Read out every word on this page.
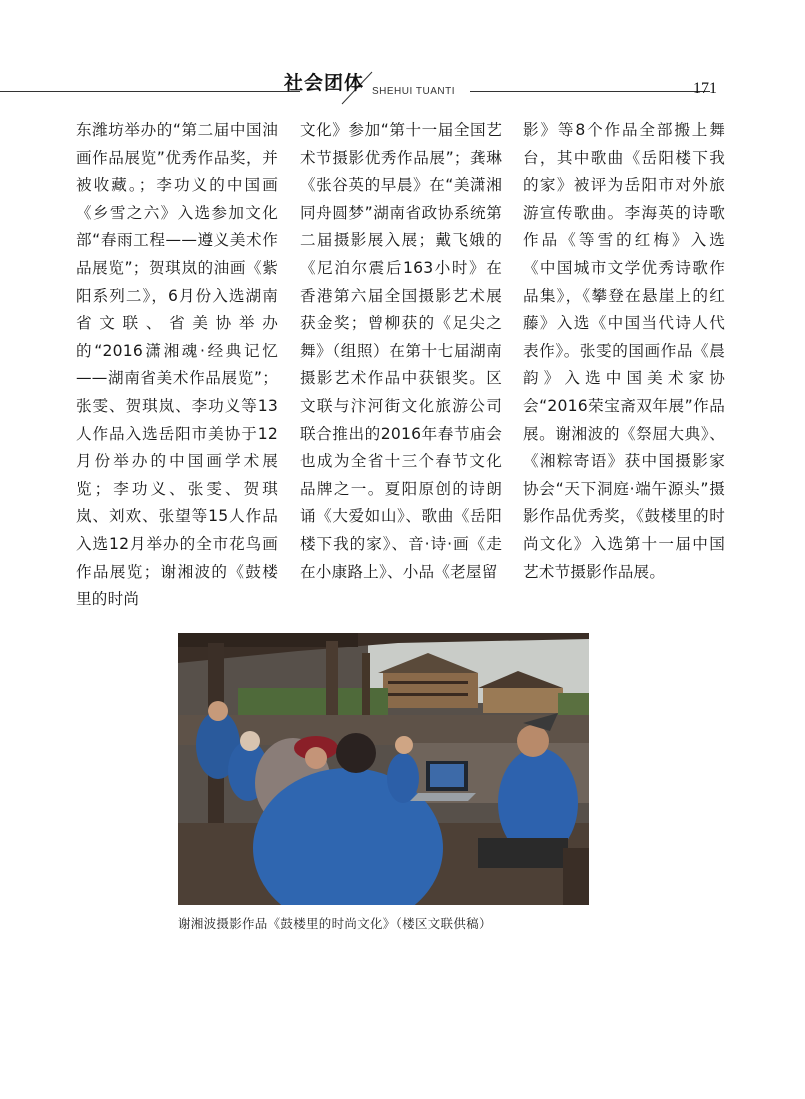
社会团体 SHEHUI TUANTI	171

东潍坊举办的“第二届中国油画作品展览”优秀作品奖，并被收藏。；李功义的中国画《乡雪之六》入选参加文化部“春雨工程——遵义美术作品展览”；贺琪岚的油画《紫阳系列二》，6月份入选湖南省文联、省美协举办的“2016潇湘魂·经典记忆——湖南省美术作品展览”；张雯、贺琪岚、李功义等13人作品入选岳阳市美协于12月份举办的中国画学术展览；李功义、张雯、贺琪岚、刘欢、张望等15人作品入选12月举办的全市花鸟画作品展览；谢湘波的《鼓楼里的时尚

文化》参加“第十一届全国艺术节摄影优秀作品展”；龚琳《张谷英的早晨》在“美潇湘同舟圆梦”湖南省政协系统第二届摄影展入展；戴飞娥的《尼泊尔震后163小时》在香港第六届全国摄影艺术展获金奖；曾柳获的《足尖之舞》（组照）在第十七届湖南摄影艺术作品中获银奖。区文联与汴河街文化旅游公司联合推出的2016年春节庙会也成为全省十三个春节文化品牌之一。夏阳原创的诗朗诵《大爱如山》、歌曲《岳阳楼下我的家》、音·诗·画《走在小康路上》、小品《老屋留

影》等8个作品全部搬上舞台，其中歌曲《岳阳楼下我的家》被评为岳阳市对外旅游宣传歌曲。李海英的诗歌作品《等雪的红梅》入选《中国城市文学优秀诗歌作品集》，《攀登在悬崖上的红藤》入选《中国当代诗人代表作》。张雯的国画作品《晨韵》入选中国美术家协会“2016荣宝斋双年展”作品展。谢湘波的《祭屈大典》、《湘粽寄语》获中国摄影家协会“天下洞庭·端午源头”摄影作品优秀奖，《鼓楼里的时尚文化》入选第十一届中国艺术节摄影作品展。

谢湘波摄影作品《鼓楼里的时尚文化》（楼区文联供稿）
